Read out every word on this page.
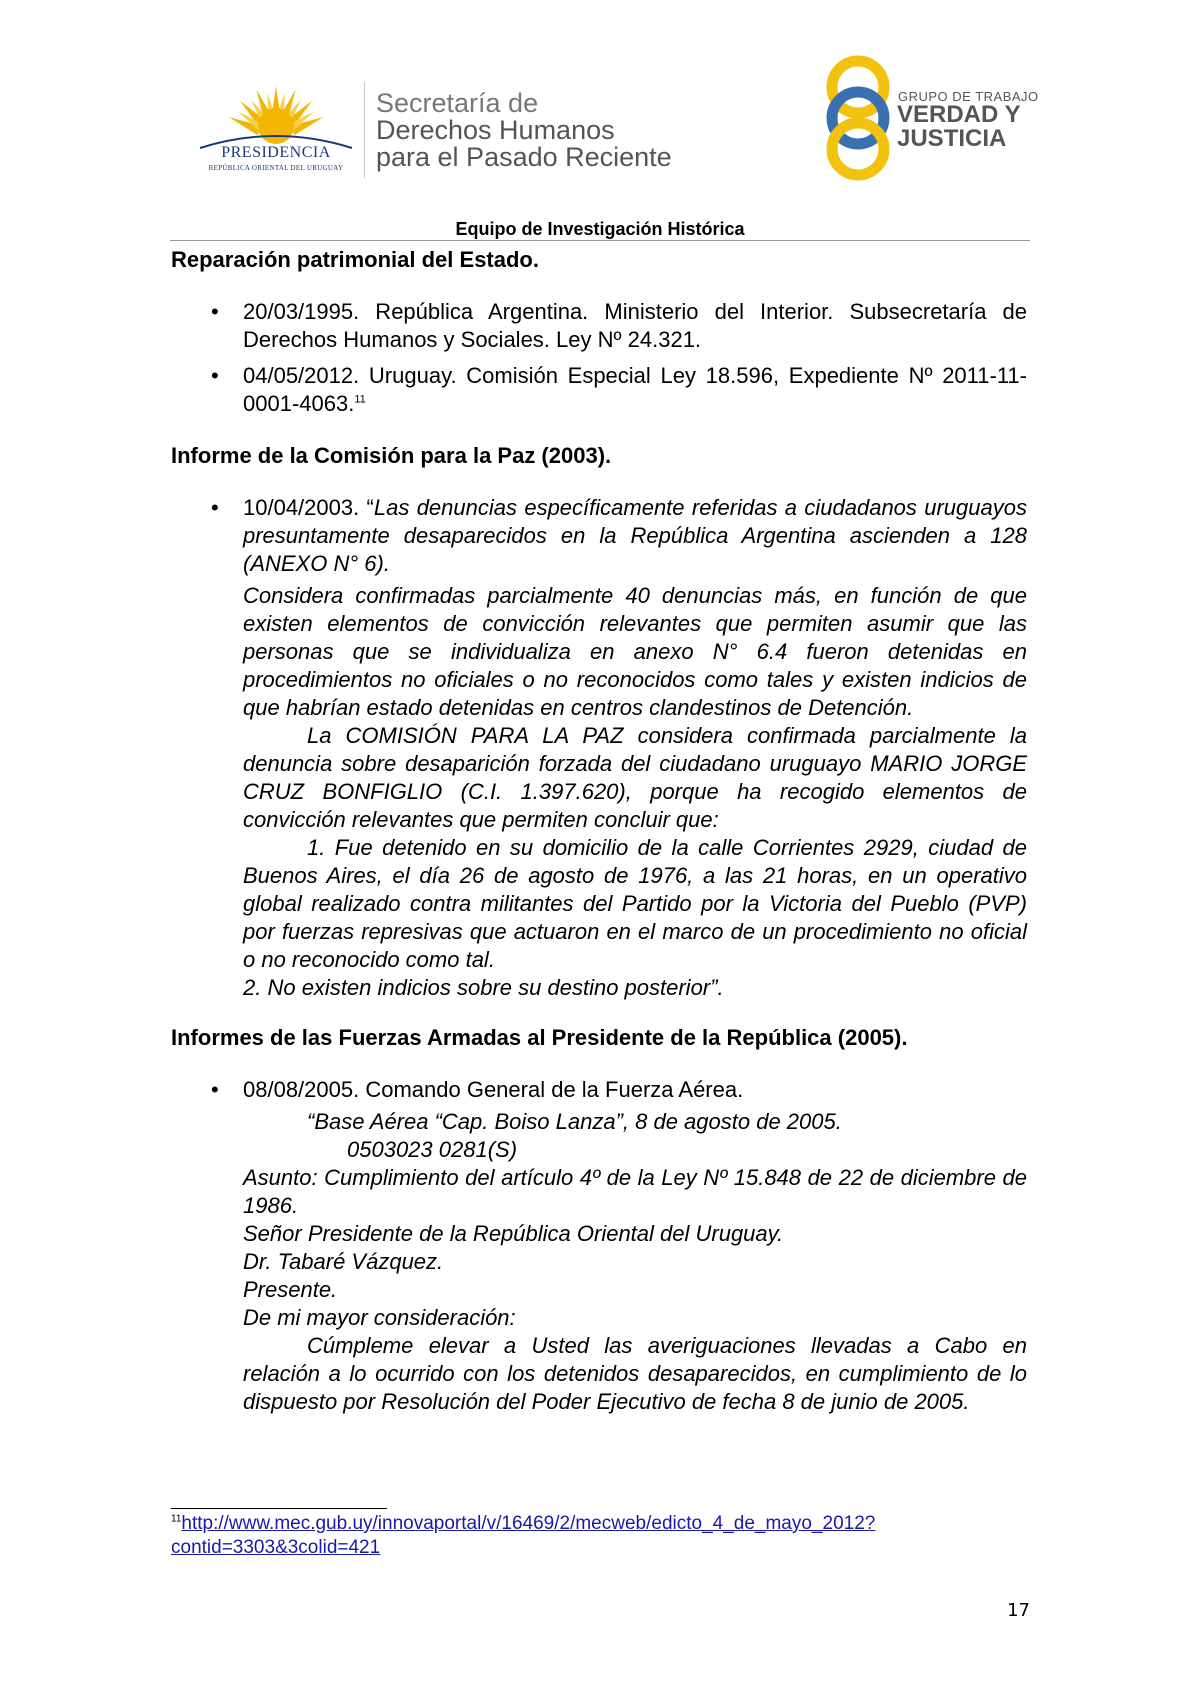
PRESIDENCIA
REPÚBLICA ORIENTAL DEL URUGUAY
Secretaría de
Derechos Humanos
para el Pasado Reciente
GRUPO DE TRABAJO
VERDAD Y
JUSTICIA
Equipo de Investigación Histórica

Reparación patrimonial del Estado.

• 20/03/1995. República Argentina. Ministerio del Interior. Subsecretaría de Derechos Humanos y Sociales. Ley Nº 24.321.

• 04/05/2012. Uruguay. Comisión Especial Ley 18.596, Expediente Nº 2011-11-0001-4063.11

Informe de la Comisión para la Paz (2003).

• 10/04/2003. “Las denuncias específicamente referidas a ciudadanos uruguayos presuntamente desaparecidos en la República Argentina ascienden a 128 (ANEXO N° 6).

Considera confirmadas parcialmente 40 denuncias más, en función de que existen elementos de convicción relevantes que permiten asumir que las personas que se individualiza en anexo N° 6.4 fueron detenidas en procedimientos no oficiales o no reconocidos como tales y existen indicios de que habrían estado detenidas en centros clandestinos de Detención.

La COMISIÓN PARA LA PAZ considera confirmada parcialmente la denuncia sobre desaparición forzada del ciudadano uruguayo MARIO JORGE CRUZ BONFIGLIO (C.I. 1.397.620), porque ha recogido elementos de convicción relevantes que permiten concluir que:

1. Fue detenido en su domicilio de la calle Corrientes 2929, ciudad de Buenos Aires, el día 26 de agosto de 1976, a las 21 horas, en un operativo global realizado contra militantes del Partido por la Victoria del Pueblo (PVP) por fuerzas represivas que actuaron en el marco de un procedimiento no oficial o no reconocido como tal.

2. No existen indicios sobre su destino posterior”.

Informes de las Fuerzas Armadas al Presidente de la República (2005).

• 08/08/2005. Comando General de la Fuerza Aérea.

“Base Aérea “Cap. Boiso Lanza”, 8 de agosto de 2005.

0503023 0281(S)

Asunto: Cumplimiento del artículo 4º de la Ley Nº 15.848 de 22 de diciembre de 1986.

Señor Presidente de la República Oriental del Uruguay.

Dr. Tabaré Vázquez.

Presente.

De mi mayor consideración:

Cúmpleme elevar a Usted las averiguaciones llevadas a Cabo en relación a lo ocurrido con los detenidos desaparecidos, en cumplimiento de lo dispuesto por Resolución del Poder Ejecutivo de fecha 8 de junio de 2005.

$^{11}$http://www.mec.gub.uy/innovaportal/v/16469/2/mecweb/edicto_4_de_mayo_2012?
contid=3303&3colid=421
17
